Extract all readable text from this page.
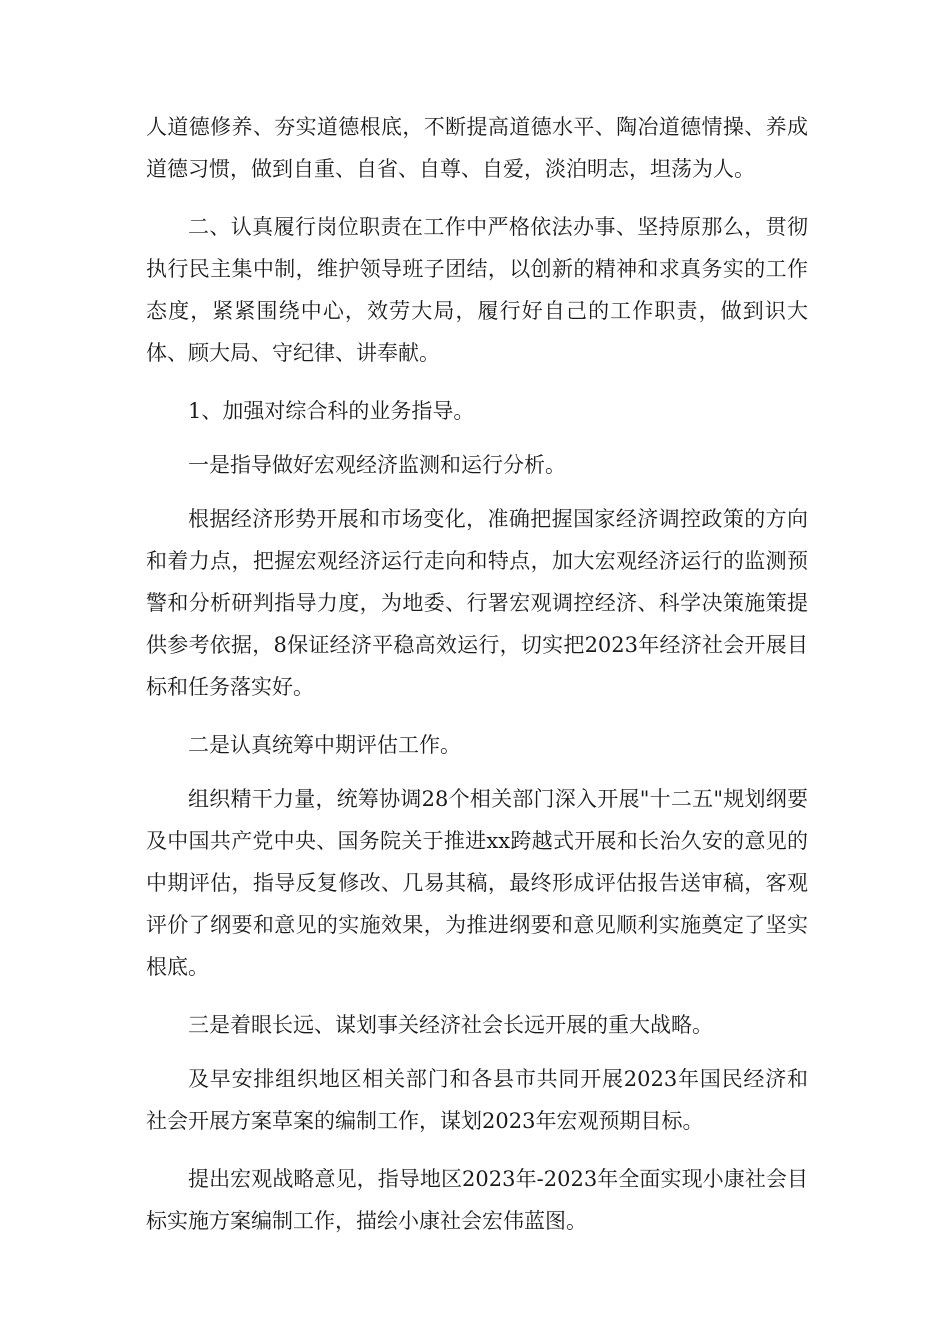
人道德修养、夯实道德根底，不断提高道德水平、陶冶道德情操、养成道德习惯，做到自重、自省、自尊、自爱，淡泊明志，坦荡为人。

二、认真履行岗位职责在工作中严格依法办事、坚持原那么，贯彻执行民主集中制，维护领导班子团结，以创新的精神和求真务实的工作态度，紧紧围绕中心，效劳大局，履行好自己的工作职责，做到识大体、顾大局、守纪律、讲奉献。

1、加强对综合科的业务指导。

一是指导做好宏观经济监测和运行分析。

根据经济形势开展和市场变化，准确把握国家经济调控政策的方向和着力点，把握宏观经济运行走向和特点，加大宏观经济运行的监测预警和分析研判指导力度，为地委、行署宏观调控经济、科学决策施策提供参考依据，8保证经济平稳高效运行，切实把2023年经济社会开展目标和任务落实好。

二是认真统筹中期评估工作。

组织精干力量，统筹协调28个相关部门深入开展"十二五"规划纲要及中国共产党中央、国务院关于推进xx跨越式开展和长治久安的意见的中期评估，指导反复修改、几易其稿，最终形成评估报告送审稿，客观评价了纲要和意见的实施效果，为推进纲要和意见顺利实施奠定了坚实根底。

三是着眼长远、谋划事关经济社会长远开展的重大战略。

及早安排组织地区相关部门和各县市共同开展2023年国民经济和社会开展方案草案的编制工作，谋划2023年宏观预期目标。

提出宏观战略意见，指导地区2023年-2023年全面实现小康社会目标实施方案编制工作，描绘小康社会宏伟蓝图。
